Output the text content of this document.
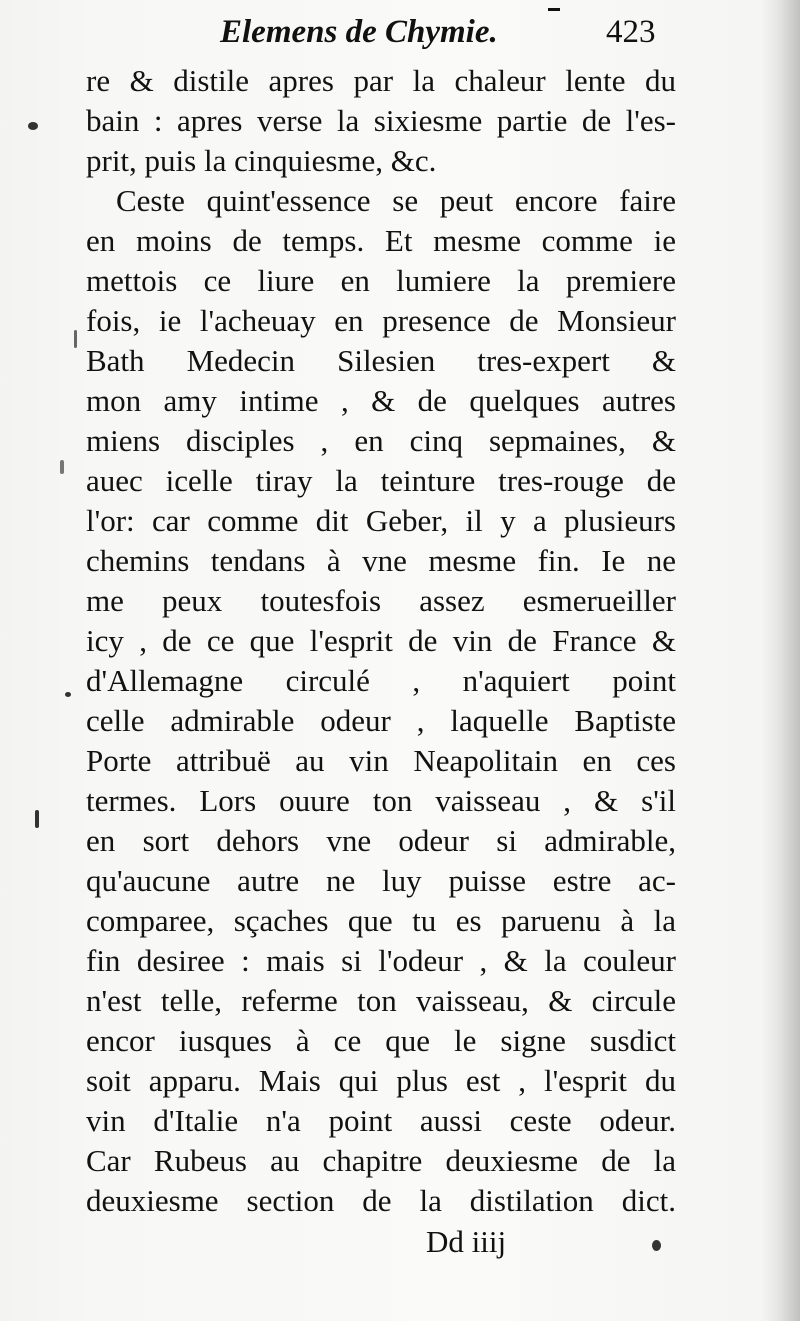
Elemens de Chymie.	423
re & distile apres par la chaleur lente du
bain : apres verse la sixiesme partie de l'es-
prit, puis la cinquiesme, &c.
Ceste quint'essence se peut encore faire
en moins de temps. Et mesme comme ie
mettois ce liure en lumiere la premiere
fois, ie l'acheuay en presence de Monsieur
Bath Medecin Silesien tres-expert &
mon amy intime , & de quelques autres
miens disciples , en cinq sepmaines, &
auec icelle tiray la teinture tres-rouge de
l'or: car comme dit Geber, il y a plusieurs
chemins tendans à vne mesme fin. Ie ne
me peux toutesfois assez esmerueiller
icy , de ce que l'esprit de vin de France &
d'Allemagne circulé , n'aquiert point
celle admirable odeur , laquelle Baptiste
Porte attribuë au vin Neapolitain en ces
termes. Lors ouure ton vaisseau , & s'il
en sort dehors vne odeur si admirable,
qu'aucune autre ne luy puisse estre ac-
comparee, sçaches que tu es paruenu à la
fin desiree : mais si l'odeur , & la couleur
n'est telle, referme ton vaisseau, & circule
encor iusques à ce que le signe susdict
soit apparu. Mais qui plus est , l'esprit du
vin d'Italie n'a point aussi ceste odeur.
Car Rubeus au chapitre deuxiesme de la
deuxiesme section de la distilation dict.
Dd iiij
